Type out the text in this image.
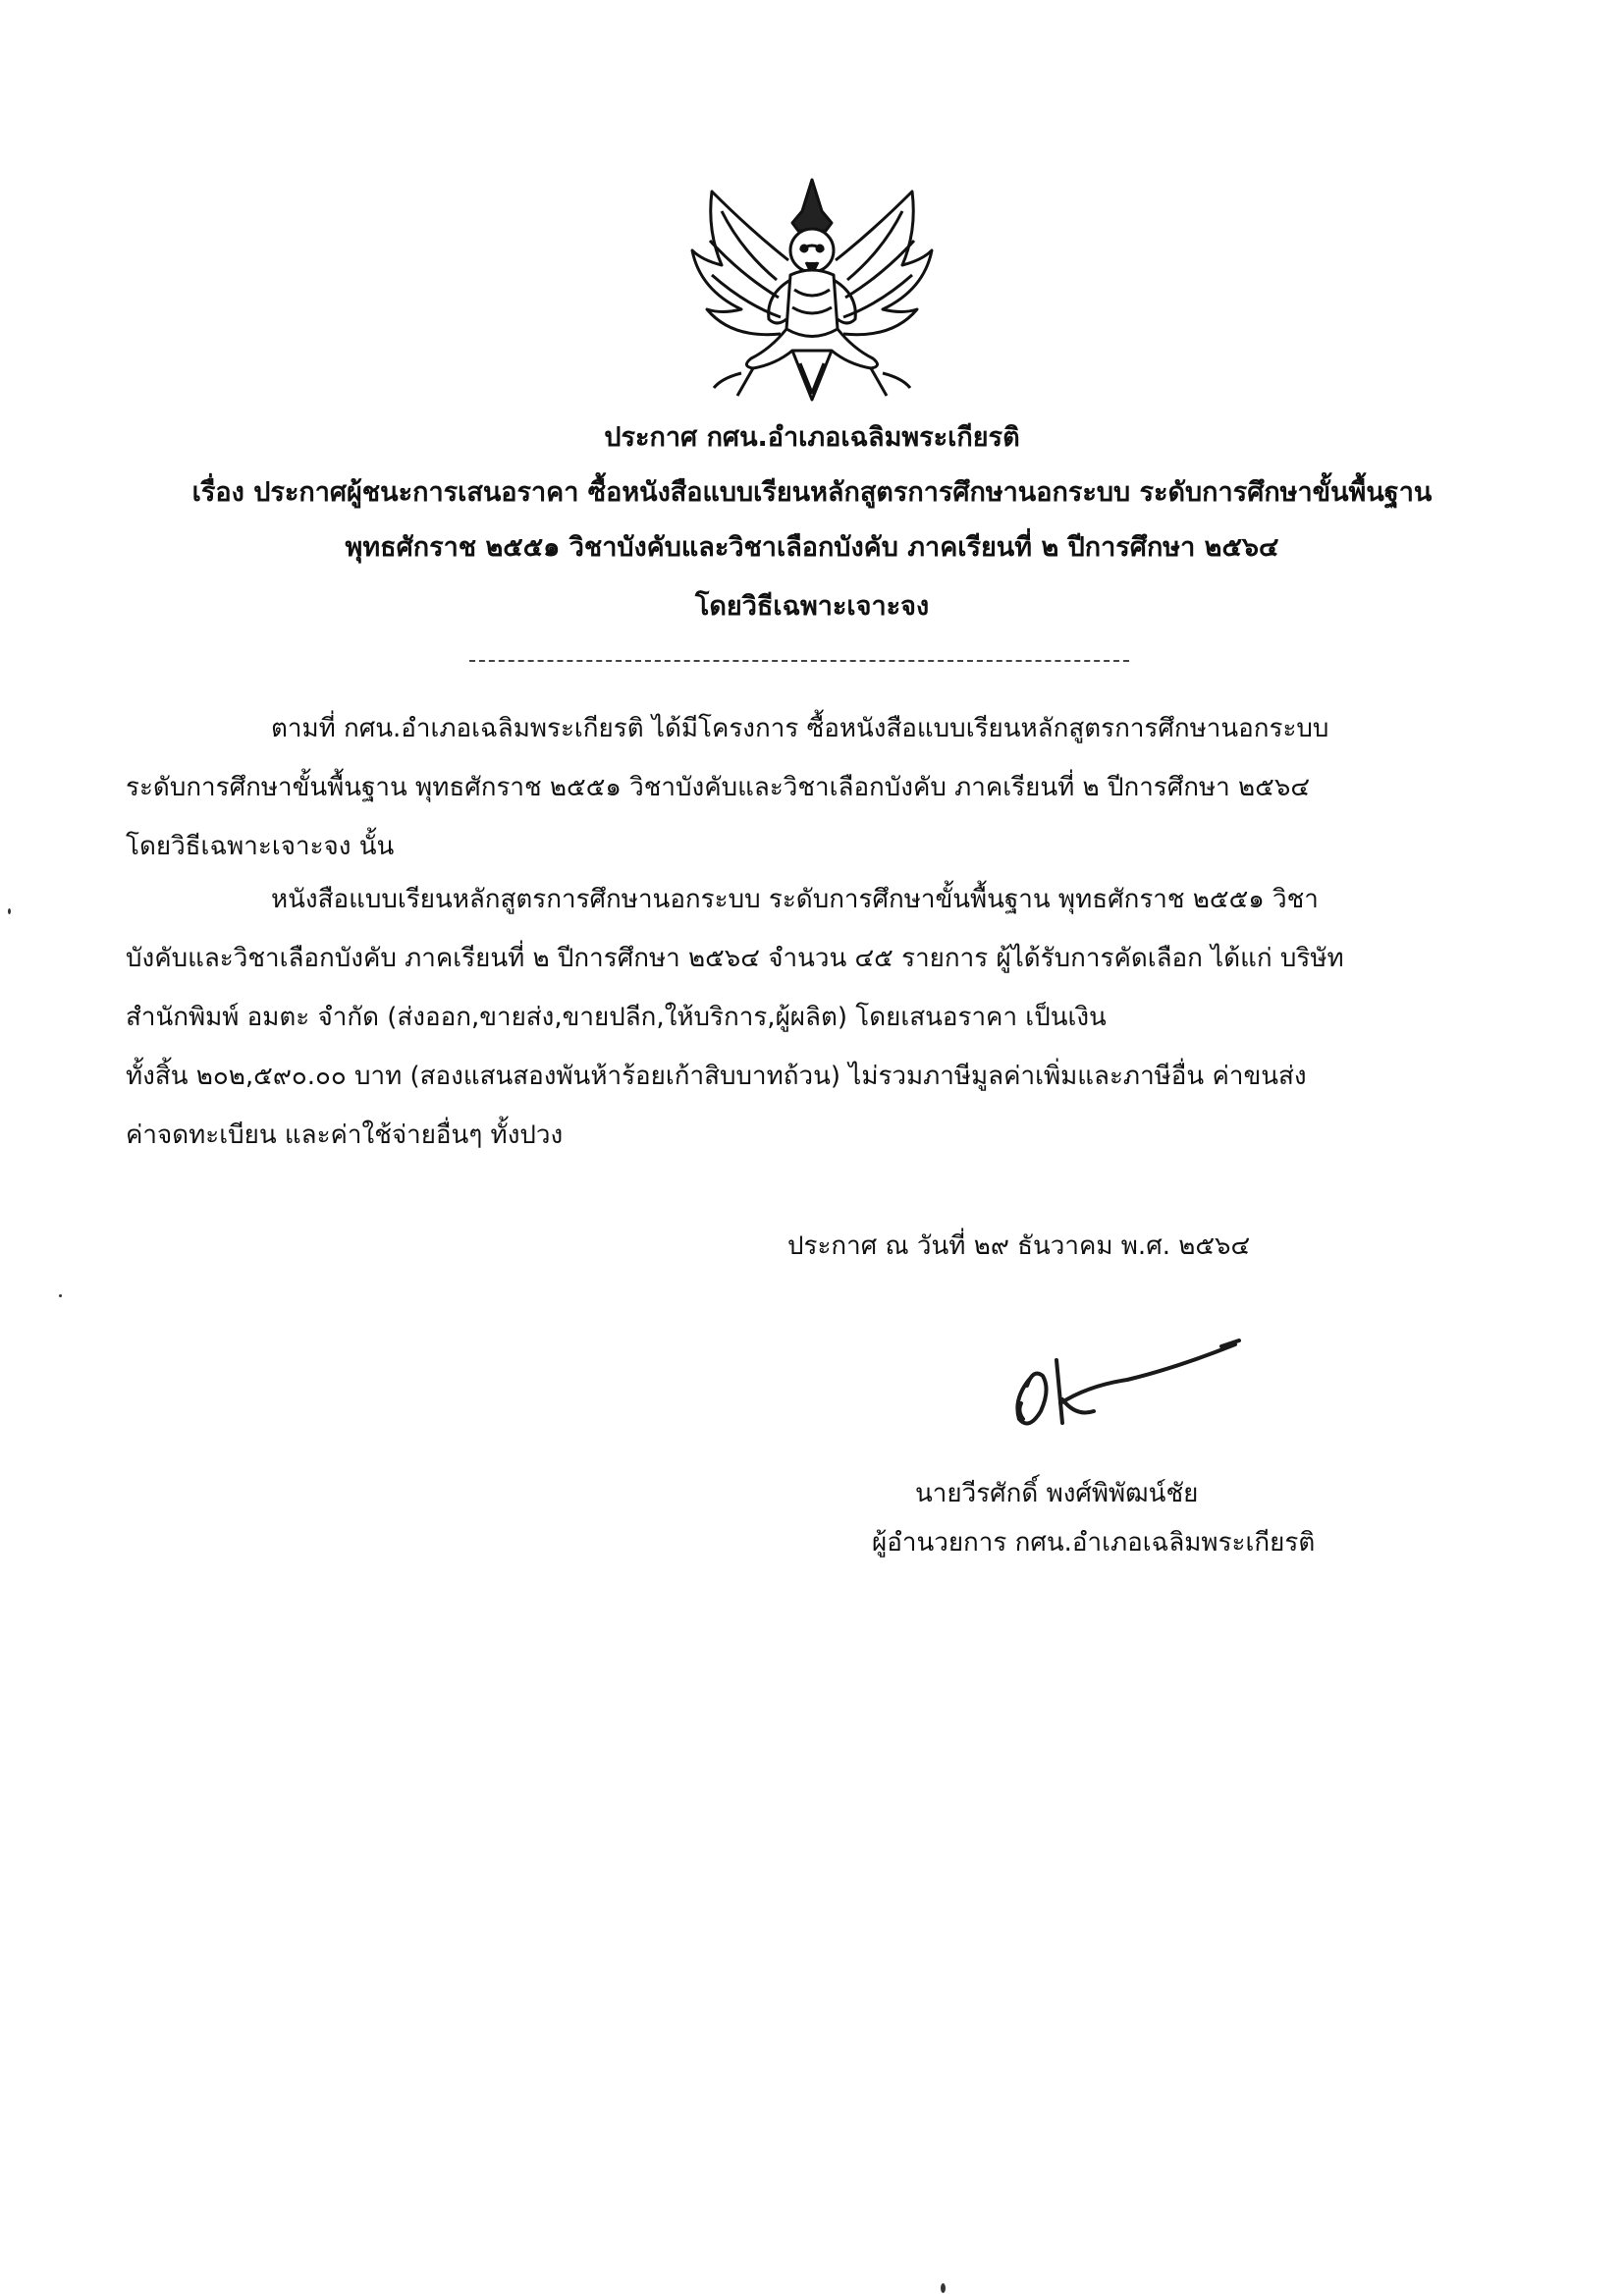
ประกาศ กศน.อำเภอเฉลิมพระเกียรติ
เรื่อง ประกาศผู้ชนะการเสนอราคา ซื้อหนังสือแบบเรียนหลักสูตรการศึกษานอกระบบ ระดับการศึกษาขั้นพื้นฐาน
พุทธศักราช ๒๕๕๑ วิชาบังคับและวิชาเลือกบังคับ ภาคเรียนที่ ๒ ปีการศึกษา ๒๕๖๔
โดยวิธีเฉพาะเจาะจง
ตามที่ กศน.อำเภอเฉลิมพระเกียรติ ได้มีโครงการ ซื้อหนังสือแบบเรียนหลักสูตรการศึกษานอกระบบ
ระดับการศึกษาขั้นพื้นฐาน พุทธศักราช ๒๕๕๑ วิชาบังคับและวิชาเลือกบังคับ ภาคเรียนที่ ๒ ปีการศึกษา ๒๕๖๔
โดยวิธีเฉพาะเจาะจง นั้น
หนังสือแบบเรียนหลักสูตรการศึกษานอกระบบ ระดับการศึกษาขั้นพื้นฐาน พุทธศักราช ๒๕๕๑ วิชา
บังคับและวิชาเลือกบังคับ ภาคเรียนที่ ๒ ปีการศึกษา ๒๕๖๔ จำนวน ๔๕ รายการ ผู้ได้รับการคัดเลือก ได้แก่ บริษัท
สำนักพิมพ์ อมตะ จำกัด (ส่งออก,ขายส่ง,ขายปลีก,ให้บริการ,ผู้ผลิต) โดยเสนอราคา เป็นเงิน
ทั้งสิ้น ๒๐๒,๕๙๐.๐๐ บาท (สองแสนสองพันห้าร้อยเก้าสิบบาทถ้วน) ไม่รวมภาษีมูลค่าเพิ่มและภาษีอื่น ค่าขนส่ง
ค่าจดทะเบียน และค่าใช้จ่ายอื่นๆ ทั้งปวง
ประกาศ ณ วันที่ ๒๙ ธันวาคม พ.ศ. ๒๕๖๔
นายวีรศักดิ์ พงศ์พิพัฒน์ชัย
ผู้อำนวยการ กศน.อำเภอเฉลิมพระเกียรติ
